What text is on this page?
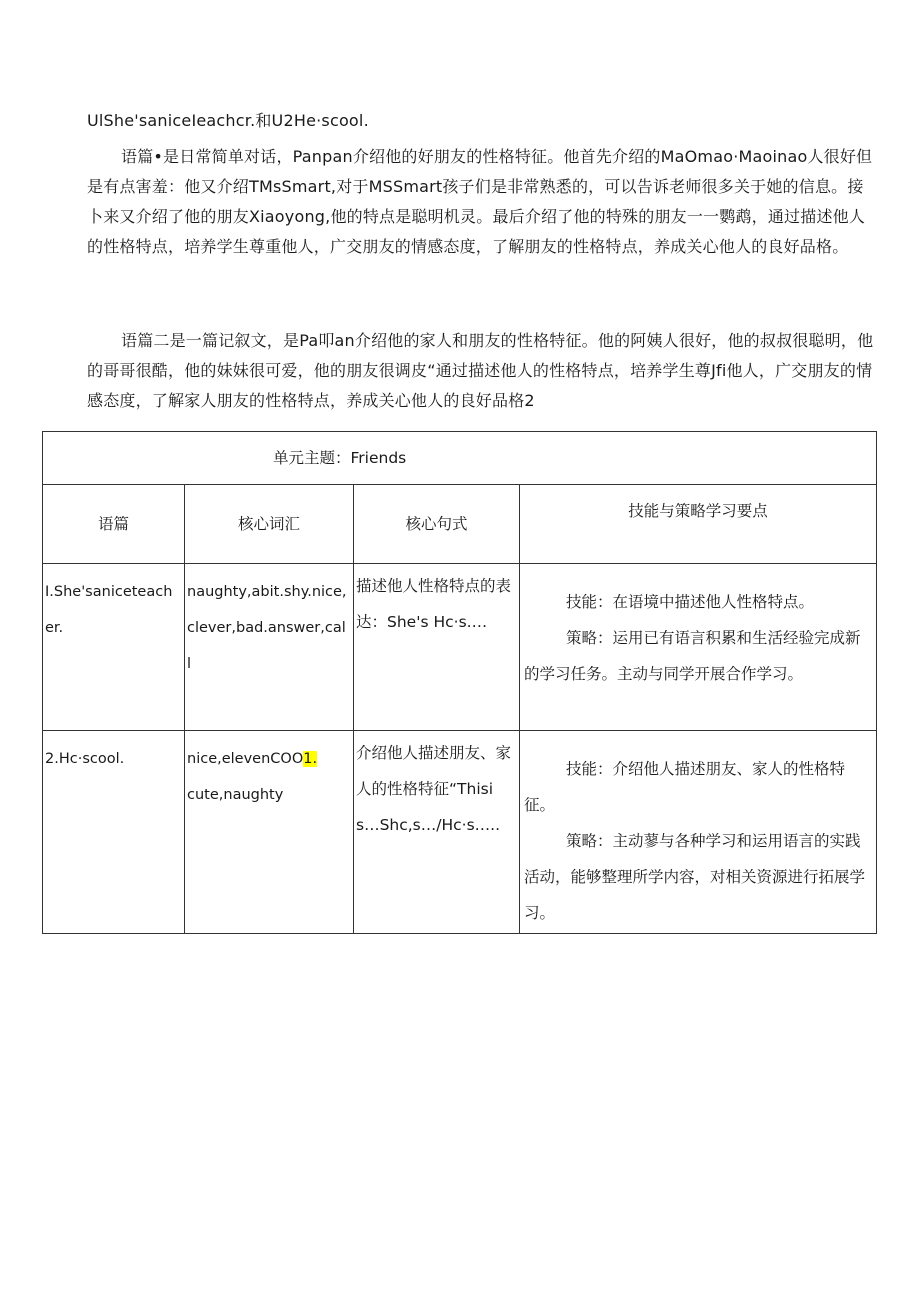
UlShe'saniceIeachcr.和U2He·scool.

语篇•是日常简单对话，Panpan介绍他的好朋友的性格特征。他首先介绍的MaOmao·Maoinao人很好但是有点害羞：他又介绍TMsSmart,对于MSSmart孩子们是非常熟悉的，可以告诉老师很多关于她的信息。接卜来又介绍了他的朋友Xiaoyong,他的特点是聪明机灵。最后介绍了他的特殊的朋友一一鹦鹉，通过描述他人的性格特点，培养学生尊重他人，广交朋友的情感态度，了解朋友的性格特点，养成关心他人的良好品格。

语篇二是一篇记叙文，是Pa叩an介绍他的家人和朋友的性格特征。他的阿姨人很好，他的叔叔很聪明，他的哥哥很酷，他的妹妹很可爱，他的朋友很调皮“通过描述他人的性格特点，培养学生尊Jfi他人，广交朋友的情感态度，了解家人朋友的性格特点，养成关心他人的良好品格2

单元主题：Friends			
语篇	核心词汇	核心句式	技能与策略学习要点
I.She'saniceteacher.	naughty,abit.shy.nice,clever,bad.answer,call	描述他人性格特点的表达：She's Hc·s.…	技能：在语境中描述他人性格特点。
策略：运用已有语言积累和生活经验完成新的学习任务。主动与同学开展合作学习。

2.Hc·scool.	nice,elevenCOO1.
cute,naughty	介绍他人描述朋友、家人的性格特征“Thisis…Shc,s…/Hc·s…..	技能：介绍他人描述朋友、家人的性格特征。
策略：主动蓼与各种学习和运用语言的实践活动，能够整理所学内容，对相关资源进行拓展学习。
